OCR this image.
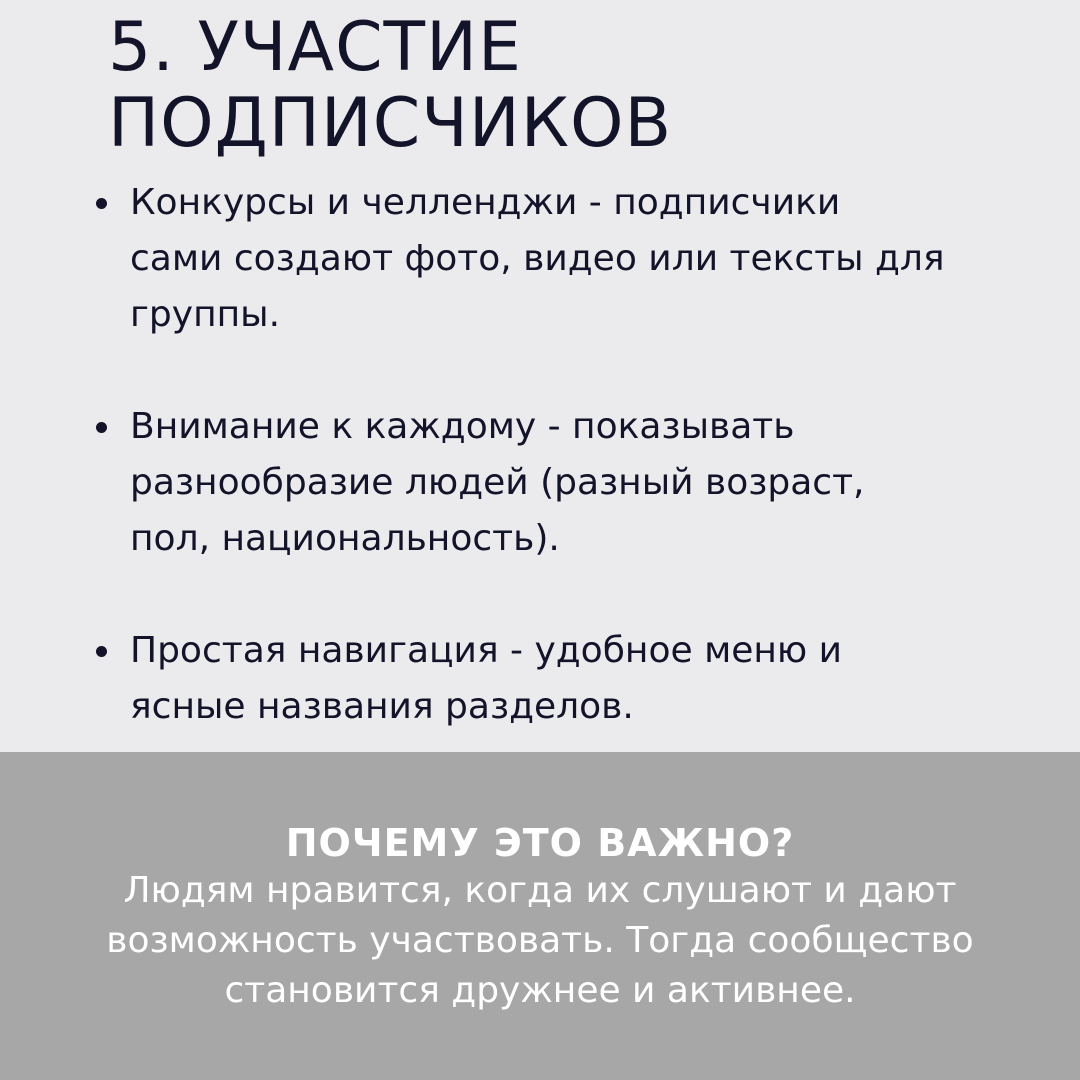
5. УЧАСТИЕ
ПОДПИСЧИКОВ
Конкурсы и челленджи - подписчики
сами создают фото, видео или тексты для
группы.
Внимание к каждому - показывать
разнообразие людей (разный возраст,
пол, национальность).
Простая навигация - удобное меню и
ясные названия разделов.
ПОЧЕМУ ЭТО ВАЖНО?
Людям нравится, когда их слушают и дают
возможность участвовать. Тогда сообщество
становится дружнее и активнее.
